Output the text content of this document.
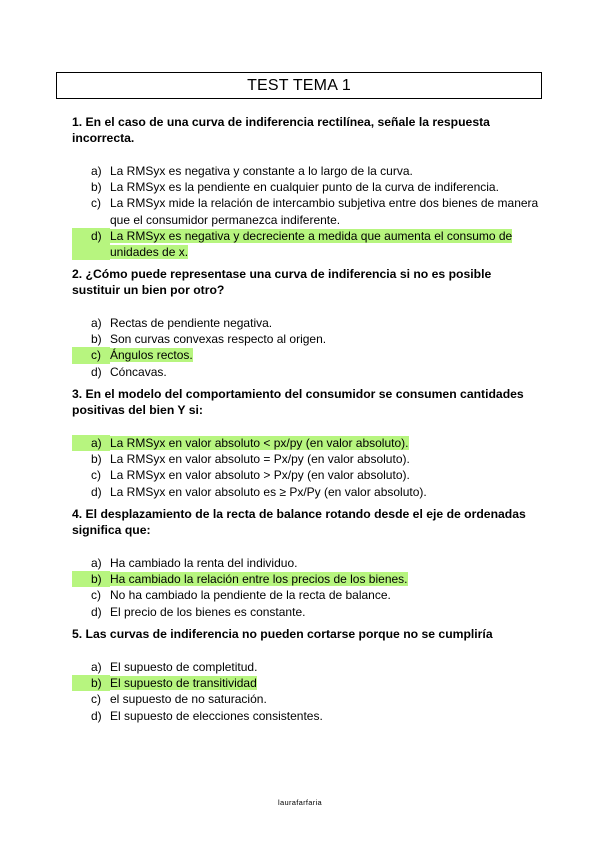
TEST TEMA 1

1. En el caso de una curva de indiferencia rectilínea, señale la respuesta incorrecta.

a) La RMSyx es negativa y constante a lo largo de la curva.
b) La RMSyx es la pendiente en cualquier punto de la curva de indiferencia.
c) La RMSyx mide la relación de intercambio subjetiva entre dos bienes de manera que el consumidor permanezca indiferente.
d) La RMSyx es negativa y decreciente a medida que aumenta el consumo de unidades de x.

2. ¿Cómo puede representase una curva de indiferencia si no es posible sustituir un bien por otro?

a) Rectas de pendiente negativa.
b) Son curvas convexas respecto al origen.
c) Ángulos rectos.
d) Cóncavas.

3. En el modelo del comportamiento del consumidor se consumen cantidades positivas del bien Y si:

a) La RMSyx en valor absoluto < px/py (en valor absoluto).
b) La RMSyx en valor absoluto = Px/py (en valor absoluto).
c) La RMSyx en valor absoluto > Px/py (en valor absoluto).
d) La RMSyx en valor absoluto es ≥ Px/Py (en valor absoluto).

4. El desplazamiento de la recta de balance rotando desde el eje de ordenadas significa que:

a) Ha cambiado la renta del individuo.
b) Ha cambiado la relación entre los precios de los bienes.
c) No ha cambiado la pendiente de la recta de balance.
d) El precio de los bienes es constante.

5. Las curvas de indiferencia no pueden cortarse porque no se cumpliría

a) El supuesto de completitud.
b) El supuesto de transitividad
c) el supuesto de no saturación.
d) El supuesto de elecciones consistentes.
laurafarfaria
